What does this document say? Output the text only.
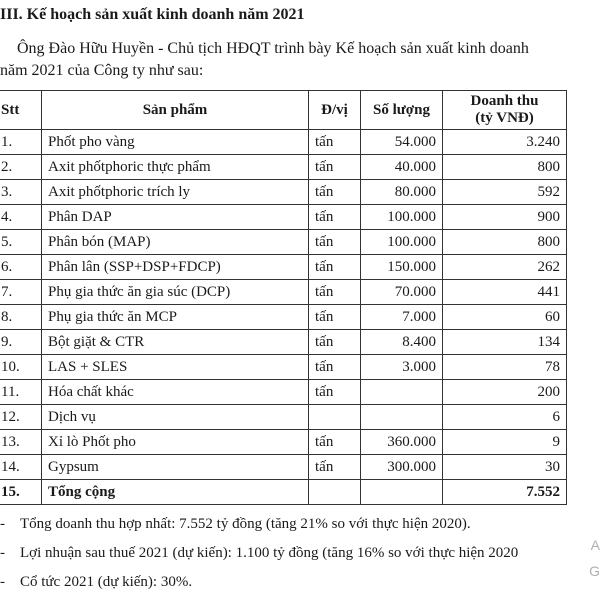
III. Kế hoạch sản xuất kinh doanh năm 2021
Ông Đào Hữu Huyền - Chủ tịch HĐQT trình bày Kế hoạch sản xuất kinh doanh
năm 2021 của Công ty như sau:
Stt	Sản phẩm	Đ/vị	Số lượng	Doanh thu
(tỷ VNĐ)
1.	Phốt pho vàng	tấn	54.000	3.240
2.	Axit phốtphoric thực phẩm	tấn	40.000	800
3.	Axit phốtphoric trích ly	tấn	80.000	592
4.	Phân DAP	tấn	100.000	900
5.	Phân bón (MAP)	tấn	100.000	800
6.	Phân lân (SSP+DSP+FDCP)	tấn	150.000	262
7.	Phụ gia thức ăn gia súc (DCP)	tấn	70.000	441
8.	Phụ gia thức ăn MCP	tấn	7.000	60
9.	Bột giặt & CTR	tấn	8.400	134
10.	LAS + SLES	tấn	3.000	78
11.	Hóa chất khác	tấn		200
12.	Dịch vụ			6
13.	Xỉ lò Phốt pho	tấn	360.000	9
14.	Gypsum	tấn	300.000	30
15.	Tổng cộng			7.552
- Tổng doanh thu hợp nhất: 7.552 tỷ đồng (tăng 21% so với thực hiện 2020).
- Lợi nhuận sau thuế 2021 (dự kiến): 1.100 tỷ đồng (tăng 16% so với thực hiện 2020
- Cổ tức 2021 (dự kiến): 30%.
A
G
